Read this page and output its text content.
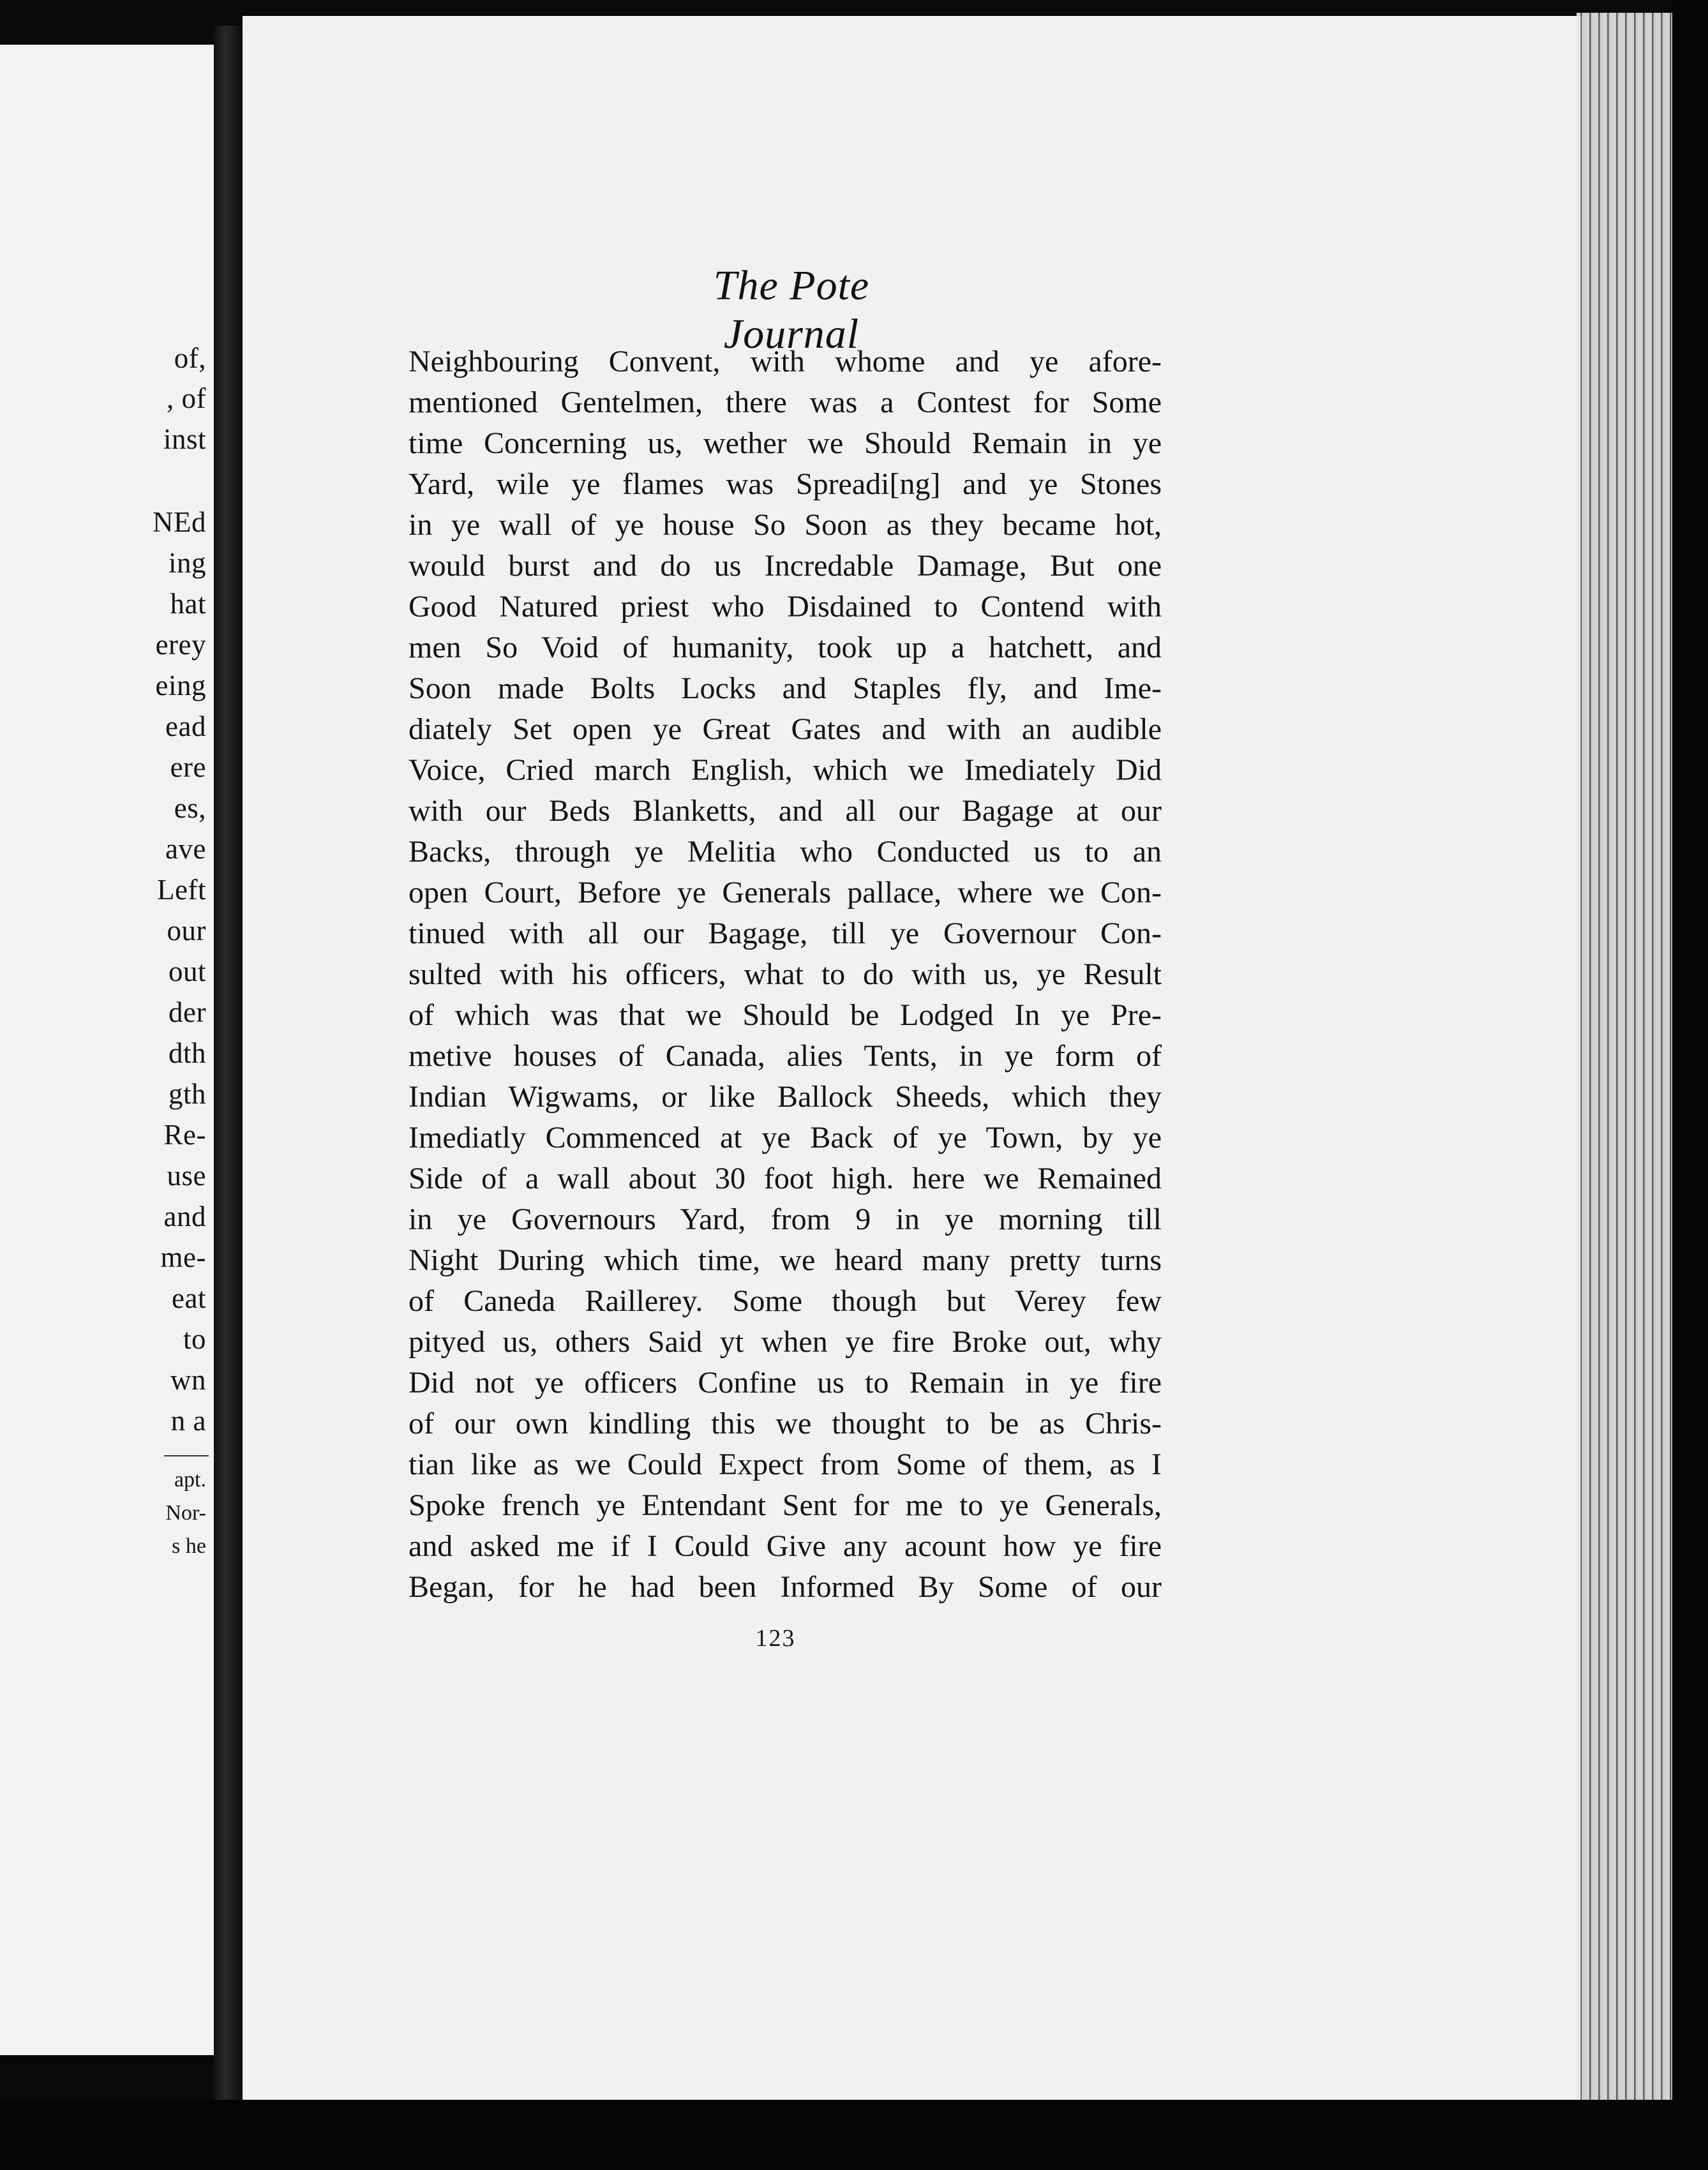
of,
, of
inst
NEd
ing
hat
erey
eing
ead
ere
es,
ave
Left
our
out
der
dth
gth
Re-
use
and
me-
eat
to
wn
n a
apt.
Nor-
s he
The Pote Journal
Neighbouring Convent, with whome and ye afore-
mentioned Gentelmen, there was a Contest for Some
time Concerning us, wether we Should Remain in ye
Yard, wile ye flames was Spreadi[ng] and ye Stones
in ye wall of ye house So Soon as they became hot,
would burst and do us Incredable Damage, But one
Good Natured priest who Disdained to Contend with
men So Void of humanity, took up a hatchett, and
Soon made Bolts Locks and Staples fly, and Ime-
diately Set open ye Great Gates and with an audible
Voice, Cried march English, which we Imediately Did
with our Beds Blanketts, and all our Bagage at our
Backs, through ye Melitia who Conducted us to an
open Court, Before ye Generals pallace, where we Con-
tinued with all our Bagage, till ye Governour Con-
sulted with his officers, what to do with us, ye Result
of which was that we Should be Lodged In ye Pre-
metive houses of Canada, alies Tents, in ye form of
Indian Wigwams, or like Ballock Sheeds, which they
Imediatly Commenced at ye Back of ye Town, by ye
Side of a wall about 30 foot high. here we Remained
in ye Governours Yard, from 9 in ye morning till
Night During which time, we heard many pretty turns
of Caneda Raillerey. Some though but Verey few
pityed us, others Said yt when ye fire Broke out, why
Did not ye officers Confine us to Remain in ye fire
of our own kindling this we thought to be as Chris-
tian like as we Could Expect from Some of them, as I
Spoke french ye Entendant Sent for me to ye Generals,
and asked me if I Could Give any acount how ye fire
Began, for he had been Informed By Some of our
123
